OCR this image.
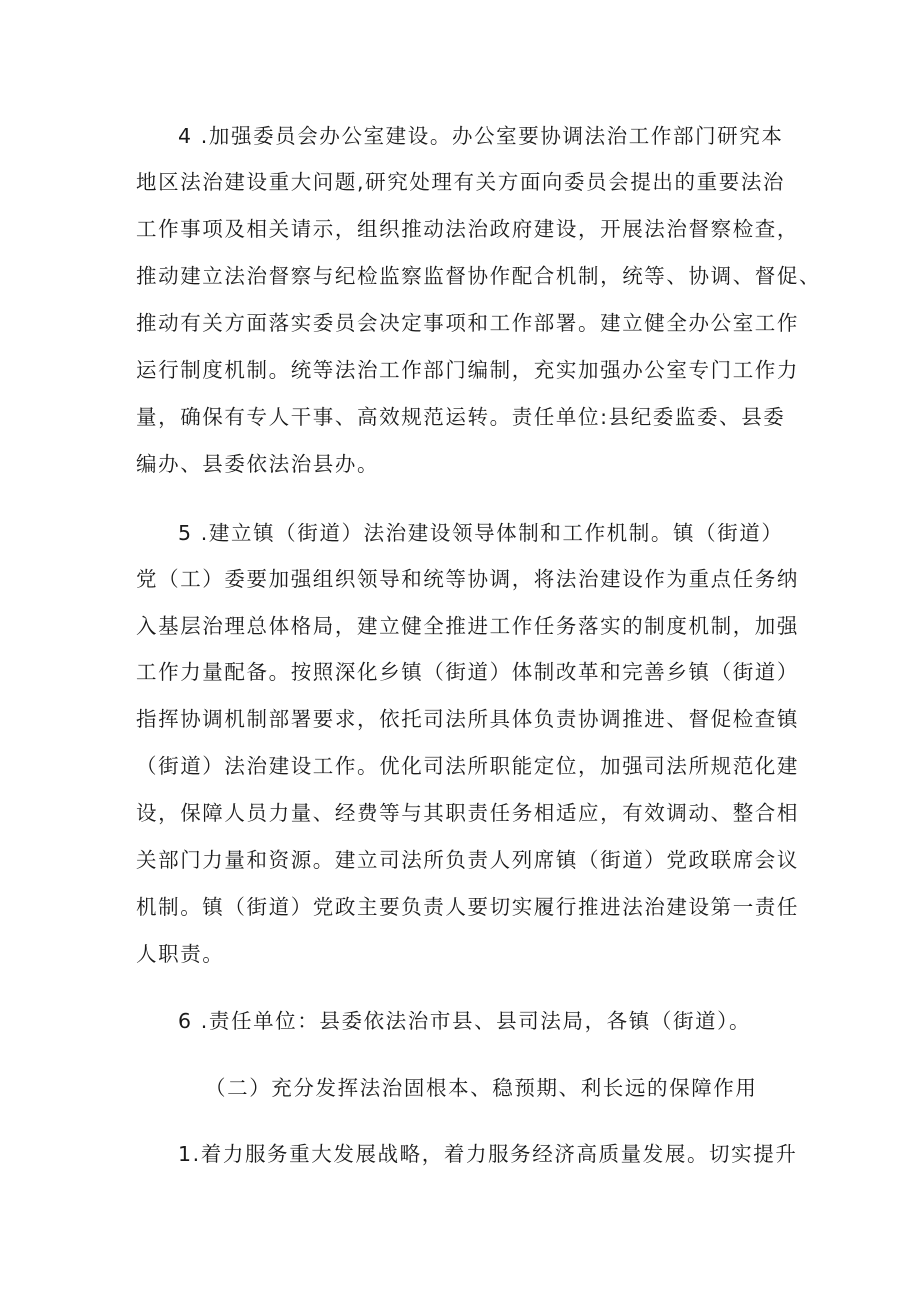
4 .加强委员会办公室建设。办公室要协调法治工作部门研究本
地区法治建设重大问题,研究处理有关方面向委员会提出的重要法治
工作事项及相关请示，组织推动法治政府建设，开展法治督察检查，
推动建立法治督察与纪检监察监督协作配合机制，统等、协调、督促、
推动有关方面落实委员会决定事项和工作部署。建立健全办公室工作
运行制度机制。统等法治工作部门编制，充实加强办公室专门工作力
量，确保有专人干事、高效规范运转。责任单位:县纪委监委、县委
编办、县委依法治县办。
5 .建立镇（街道）法治建设领导体制和工作机制。镇（街道）
党（工）委要加强组织领导和统等协调，将法治建设作为重点任务纳
入基层治理总体格局，建立健全推进工作任务落实的制度机制，加强
工作力量配备。按照深化乡镇（街道）体制改革和完善乡镇（街道）
指挥协调机制部署要求，依托司法所具体负责协调推进、督促检查镇
（街道）法治建设工作。优化司法所职能定位，加强司法所规范化建
设，保障人员力量、经费等与其职责任务相适应，有效调动、整合相
关部门力量和资源。建立司法所负责人列席镇（街道）党政联席会议
机制。镇（街道）党政主要负责人要切实履行推进法治建设第一责任
人职责。
6 .责任单位：县委依法治市县、县司法局，各镇（街道）。
（二）充分发挥法治固根本、稳预期、利长远的保障作用
1.着力服务重大发展战略，着力服务经济高质量发展。切实提升
